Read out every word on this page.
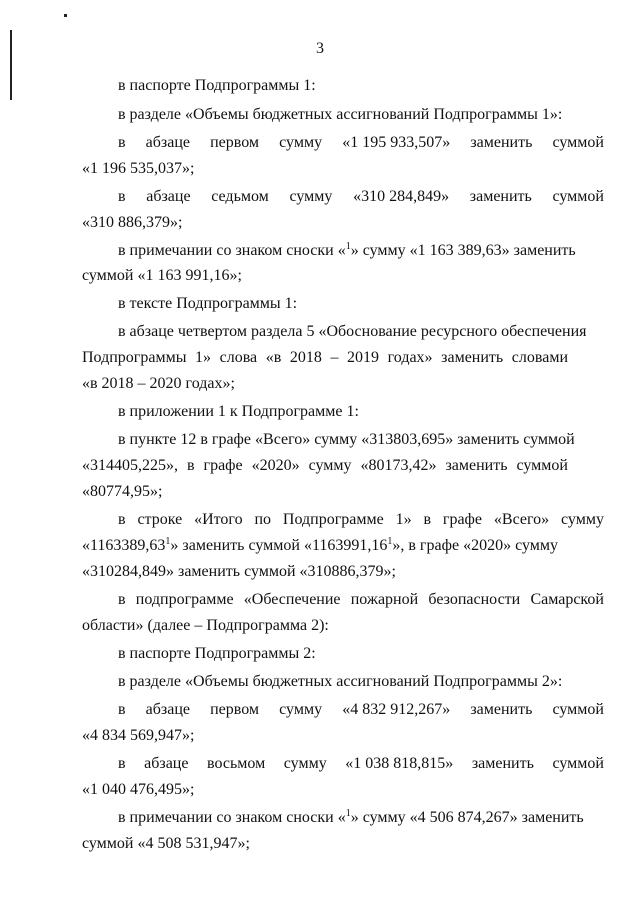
3
в паспорте Подпрограммы 1:
в разделе «Объемы бюджетных ассигнований Подпрограммы 1»:
в абзаце первом сумму «1 195 933,507» заменить суммой
«1 196 535,037»;
в абзаце седьмом сумму «310 284,849» заменить суммой
«310 886,379»;
в примечании со знаком сноски «$^1$» сумму «1 163 389,63» заменить
суммой «1 163 991,16»;
в тексте Подпрограммы 1:
в абзаце четвертом раздела 5 «Обоснование ресурсного обеспечения
Подпрограммы 1» слова «в 2018 – 2019 годах» заменить словами
«в 2018 – 2020 годах»;
в приложении 1 к Подпрограмме 1:
в пункте 12 в графе «Всего» сумму «313803,695» заменить суммой
«314405,225», в графе «2020» сумму «80173,42» заменить суммой
«80774,95»;
в строке «Итого по Подпрограмме 1» в графе «Всего» сумму
«1163389,63$^1$» заменить суммой «1163991,16$^1$», в графе «2020» сумму
«310284,849» заменить суммой «310886,379»;
в подпрограмме «Обеспечение пожарной безопасности Самарской
области» (далее – Подпрограмма 2):
в паспорте Подпрограммы 2:
в разделе «Объемы бюджетных ассигнований Подпрограммы 2»:
в абзаце первом сумму «4 832 912,267» заменить суммой
«4 834 569,947»;
в абзаце восьмом сумму «1 038 818,815» заменить суммой
«1 040 476,495»;
в примечании со знаком сноски «$^1$» сумму «4 506 874,267» заменить
суммой «4 508 531,947»;
